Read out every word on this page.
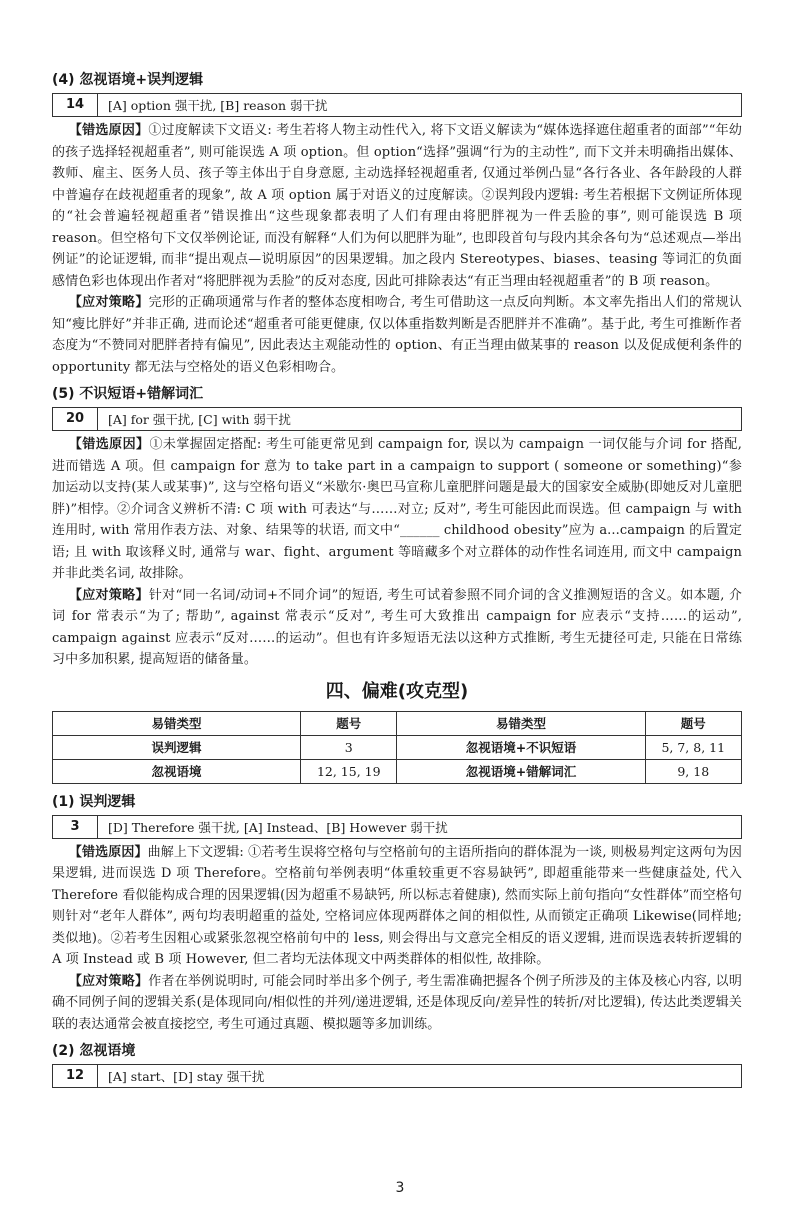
(4) 忽视语境+误判逻辑
14	[A] option 强干扰, [B] reason 弱干扰

【错选原因】①过度解读下文语义: 考生若将人物主动性代入, 将下文语义解读为“媒体选择遮住超重者的面部”“年幼的孩子选择轻视超重者”, 则可能误选 A 项 option。但 option“选择”强调“行为的主动性”, 而下文并未明确指出媒体、教师、雇主、医务人员、孩子等主体出于自身意愿, 主动选择轻视超重者, 仅通过举例凸显“各行各业、各年龄段的人群中普遍存在歧视超重者的现象”, 故 A 项 option 属于对语义的过度解读。②误判段内逻辑: 考生若根据下文例证所体现的“社会普遍轻视超重者”错误推出“这些现象都表明了人们有理由将肥胖视为一件丢脸的事”, 则可能误选 B 项 reason。但空格句下文仅举例论证, 而没有解释“人们为何以肥胖为耻”, 也即段首句与段内其余各句为“总述观点—举出例证”的论证逻辑, 而非“提出观点—说明原因”的因果逻辑。加之段内 Stereotypes、biases、teasing 等词汇的负面感情色彩也体现出作者对“将肥胖视为丢脸”的反对态度, 因此可排除表达“有正当理由轻视超重者”的 B 项 reason。

【应对策略】完形的正确项通常与作者的整体态度相吻合, 考生可借助这一点反向判断。本文率先指出人们的常规认知“瘦比胖好”并非正确, 进而论述“超重者可能更健康, 仅以体重指数判断是否肥胖并不准确”。基于此, 考生可推断作者态度为“不赞同对肥胖者持有偏见”, 因此表达主观能动性的 option、有正当理由做某事的 reason 以及促成便利条件的 opportunity 都无法与空格处的语义色彩相吻合。

(5) 不识短语+错解词汇
20	[A] for 强干扰, [C] with 弱干扰

【错选原因】①未掌握固定搭配: 考生可能更常见到 campaign for, 误以为 campaign 一词仅能与介词 for 搭配, 进而错选 A 项。但 campaign for 意为 to take part in a campaign to support ( someone or something)“参加运动以支持(某人或某事)”, 这与空格句语义“米歇尔·奥巴马宣称儿童肥胖问题是最大的国家安全威胁(即她反对儿童肥胖)”相悖。②介词含义辨析不清: C 项 with 可表达“与……对立; 反对”, 考生可能因此而误选。但 campaign 与 with 连用时, with 常用作表方法、对象、结果等的状语, 而文中“______ childhood obesity”应为 a...campaign 的后置定语; 且 with 取该释义时, 通常与 war、fight、argument 等暗藏多个对立群体的动作性名词连用, 而文中 campaign 并非此类名词, 故排除。

【应对策略】针对“同一名词/动词+不同介词”的短语, 考生可试着参照不同介词的含义推测短语的含义。如本题, 介词 for 常表示“为了; 帮助”, against 常表示“反对”, 考生可大致推出 campaign for 应表示“支持……的运动”, campaign against 应表示“反对……的运动”。但也有许多短语无法以这种方式推断, 考生无捷径可走, 只能在日常练习中多加积累, 提高短语的储备量。

四、偏难(攻克型)
易错类型	题号	易错类型	题号
误判逻辑	3	忽视语境+不识短语	5, 7, 8, 11
忽视语境	12, 15, 19	忽视语境+错解词汇	9, 18
(1) 误判逻辑
3	[D] Therefore 强干扰, [A] Instead、[B] However 弱干扰

【错选原因】曲解上下文逻辑: ①若考生误将空格句与空格前句的主语所指向的群体混为一谈, 则极易判定这两句为因果逻辑, 进而误选 D 项 Therefore。空格前句举例表明“体重较重更不容易缺钙”, 即超重能带来一些健康益处, 代入 Therefore 看似能构成合理的因果逻辑(因为超重不易缺钙, 所以标志着健康), 然而实际上前句指向“女性群体”而空格句则针对“老年人群体”, 两句均表明超重的益处, 空格词应体现两群体之间的相似性, 从而锁定正确项 Likewise(同样地; 类似地)。②若考生因粗心或紧张忽视空格前句中的 less, 则会得出与文意完全相反的语义逻辑, 进而误选表转折逻辑的 A 项 Instead 或 B 项 However, 但二者均无法体现文中两类群体的相似性, 故排除。

【应对策略】作者在举例说明时, 可能会同时举出多个例子, 考生需准确把握各个例子所涉及的主体及核心内容, 以明确不同例子间的逻辑关系(是体现同向/相似性的并列/递进逻辑, 还是体现反向/差异性的转折/对比逻辑), 传达此类逻辑关联的表达通常会被直接挖空, 考生可通过真题、模拟题等多加训练。

(2) 忽视语境
12	[A] start、[D] stay 强干扰
3
